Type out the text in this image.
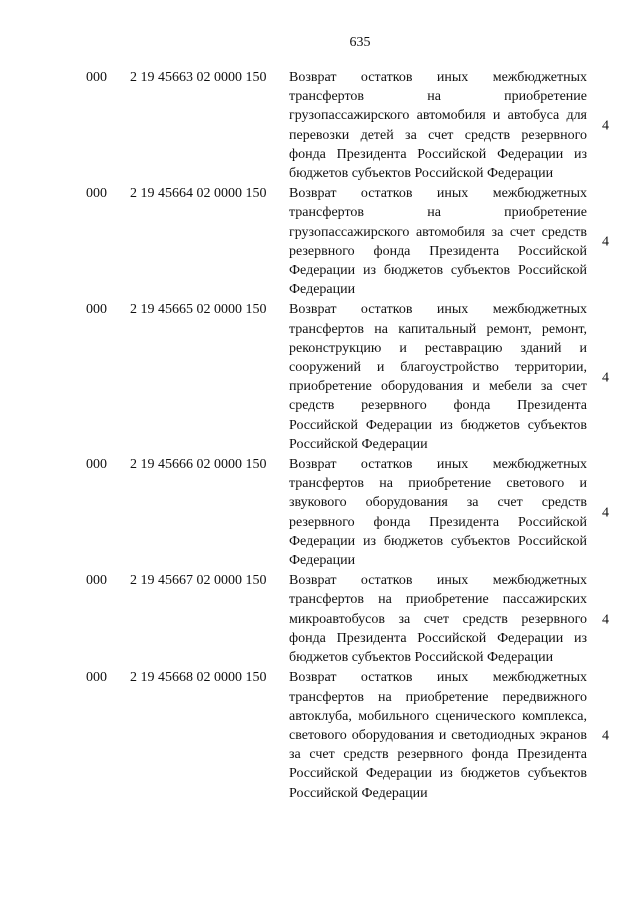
635
000 2 19 45663 02 0000 150 Возврат остатков иных межбюджетных трансфертов на приобретение грузопассажирского автомобиля и автобуса для перевозки детей за счет средств резервного фонда Президента Российской Федерации из бюджетов субъектов Российской Федерации
4
000 2 19 45664 02 0000 150 Возврат остатков иных межбюджетных трансфертов на приобретение грузопассажирского автомобиля за счет средств резервного фонда Президента Российской Федерации из бюджетов субъектов Российской Федерации
4
000 2 19 45665 02 0000 150 Возврат остатков иных межбюджетных трансфертов на капитальный ремонт, ремонт, реконструкцию и реставрацию зданий и сооружений и благоустройство территории, приобретение оборудования и мебели за счет средств резервного фонда Президента Российской Федерации из бюджетов субъектов Российской Федерации
4
000 2 19 45666 02 0000 150 Возврат остатков иных межбюджетных трансфертов на приобретение светового и звукового оборудования за счет средств резервного фонда Президента Российской Федерации из бюджетов субъектов Российской Федерации
4
000 2 19 45667 02 0000 150 Возврат остатков иных межбюджетных трансфертов на приобретение пассажирских микроавтобусов за счет средств резервного фонда Президента Российской Федерации из бюджетов субъектов Российской Федерации
4
000 2 19 45668 02 0000 150 Возврат остатков иных межбюджетных трансфертов на приобретение передвижного автоклуба, мобильного сценического комплекса, светового оборудования и светодиодных экранов за счет средств резервного фонда Президента Российской Федерации из бюджетов субъектов Российской Федерации
4
